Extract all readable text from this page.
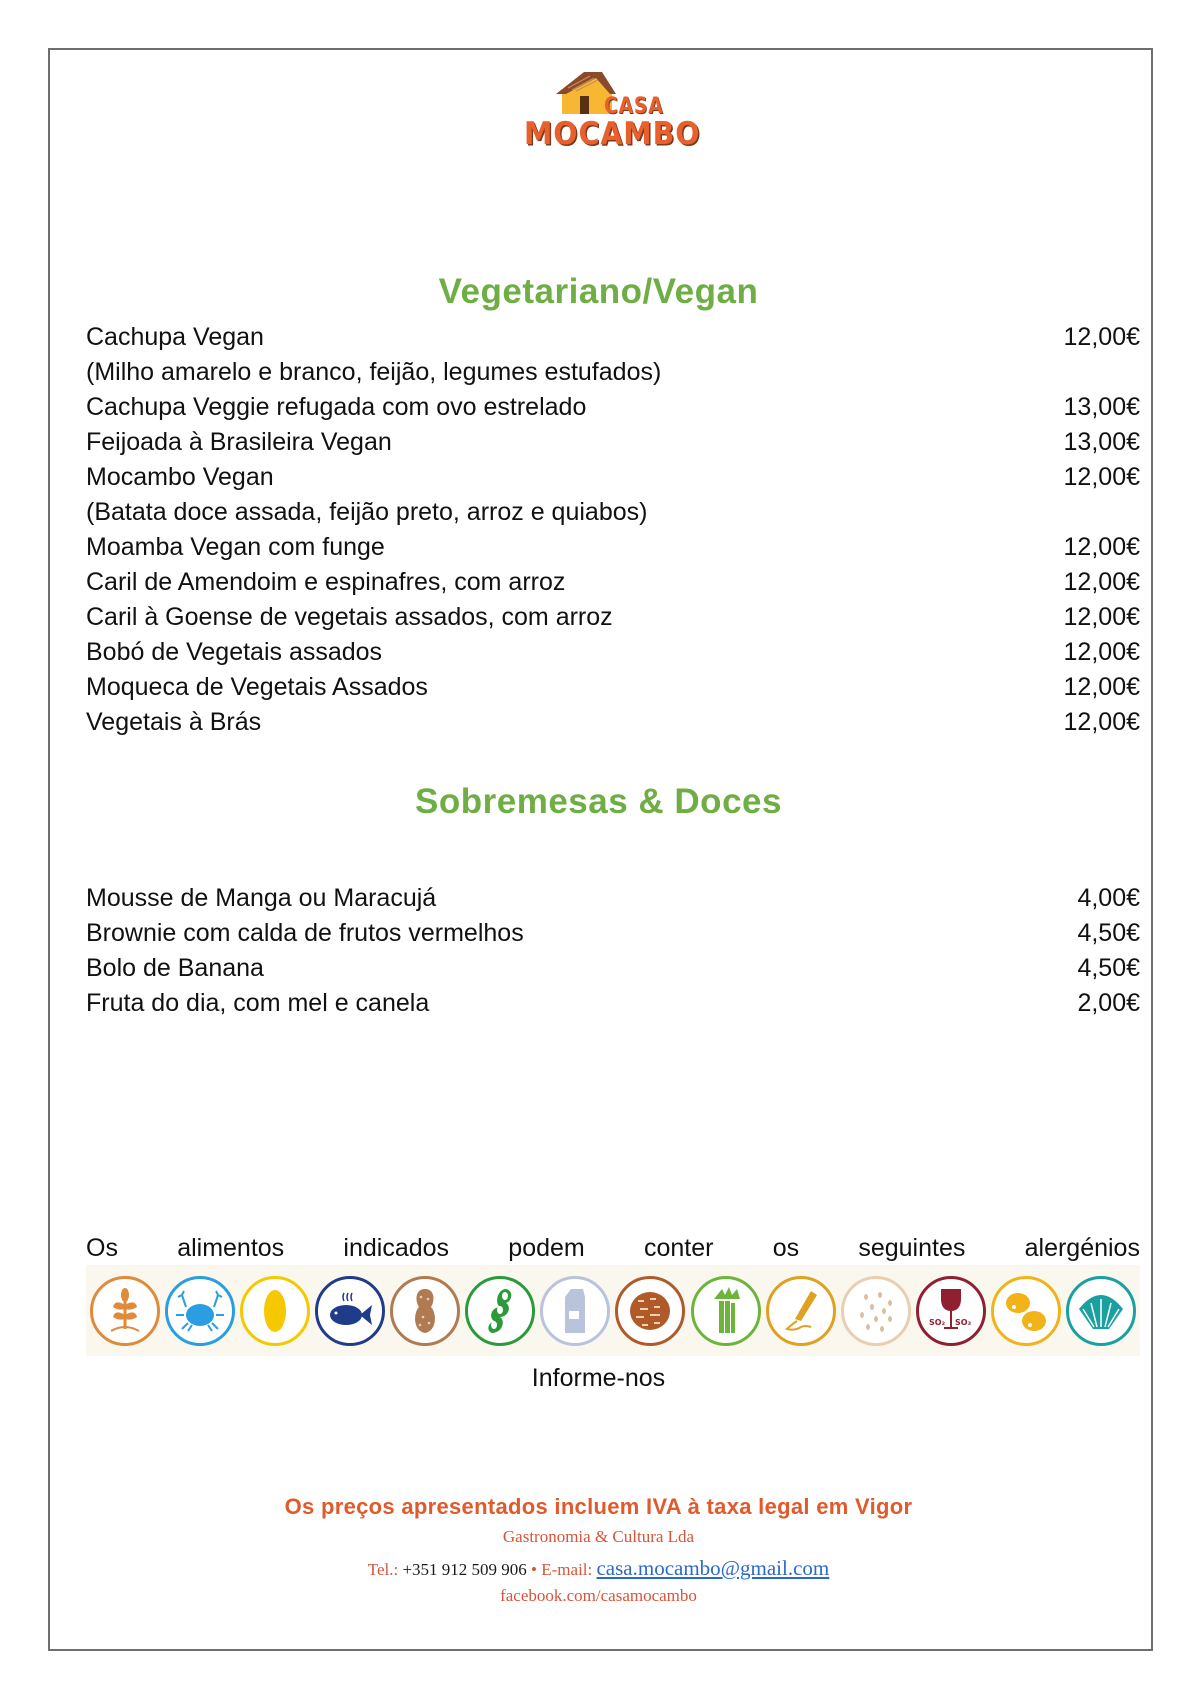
CASA
MOCAMBO
Vegetariano/Vegan
Cachupa Vegan	12,00€
(Milho amarelo e branco, feijão, legumes estufados)
Cachupa Veggie refugada com ovo estrelado	13,00€
Feijoada à Brasileira Vegan	13,00€
Mocambo Vegan	12,00€
(Batata doce assada, feijão preto, arroz e quiabos)
Moamba Vegan com funge	12,00€
Caril de Amendoim e espinafres, com arroz	12,00€
Caril à Goense de vegetais assados, com arroz	12,00€
Bobó de Vegetais assados	12,00€
Moqueca de Vegetais Assados	12,00€
Vegetais à Brás	12,00€
Sobremesas & Doces
Mousse de Manga ou Maracujá	4,00€
Brownie com calda de frutos vermelhos	4,50€
Bolo de Banana	4,50€
Fruta do dia, com mel e canela	2,00€
Os alimentos indicados podem conter os seguintes alergénios
SO₂ SO₃
Informe-nos
Os preços apresentados incluem IVA à taxa legal em Vigor
Gastronomia & Cultura Lda
Tel.: +351 912 509 906 • E-mail: casa.mocambo@gmail.com
facebook.com/casamocambo
